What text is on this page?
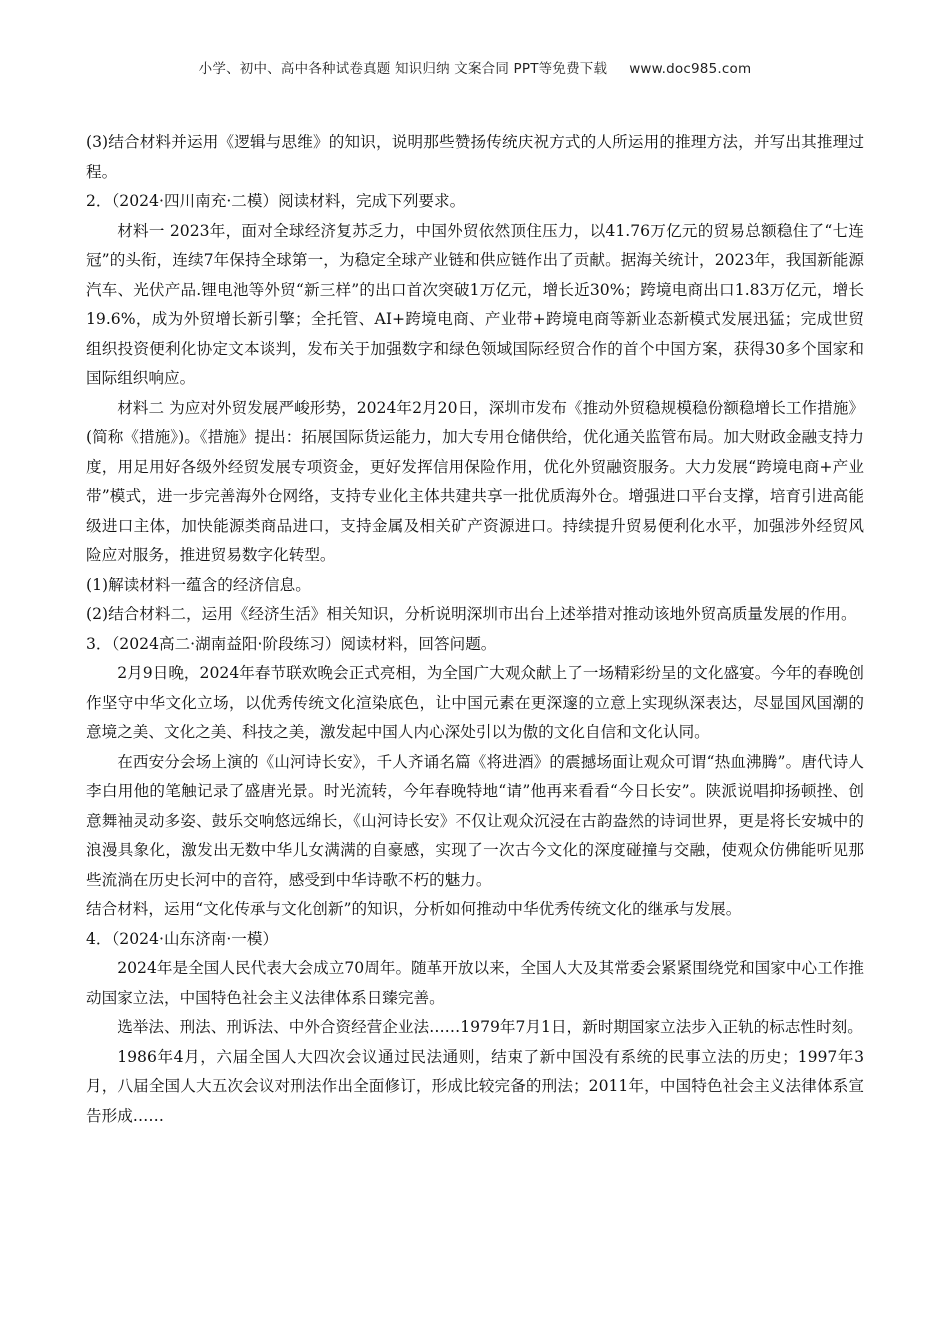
小学、初中、高中各种试卷真题 知识归纳 文案合同 PPT等免费下载 www.doc985.com

(3)结合材料并运用《逻辑与思维》的知识，说明那些赞扬传统庆祝方式的人所运用的推理方法，并写出其推理过程。

2．（2024·四川南充·二模）阅读材料，完成下列要求。

材料一 2023年，面对全球经济复苏乏力，中国外贸依然顶住压力，以41.76万亿元的贸易总额稳住了“七连冠”的头衔，连续7年保持全球第一，为稳定全球产业链和供应链作出了贡献。据海关统计，2023年，我国新能源汽车、光伏产品.锂电池等外贸“新三样”的出口首次突破1万亿元，增长近30%；跨境电商出口1.83万亿元，增长19.6%，成为外贸增长新引擎；全托管、AI+跨境电商、产业带+跨境电商等新业态新模式发展迅猛；完成世贸组织投资便利化协定文本谈判，发布关于加强数字和绿色领域国际经贸合作的首个中国方案，获得30多个国家和国际组织响应。

材料二 为应对外贸发展严峻形势，2024年2月20日，深圳市发布《推动外贸稳规模稳份额稳增长工作措施》(简称《措施》)。《措施》提出：拓展国际货运能力，加大专用仓储供给，优化通关监管布局。加大财政金融支持力度，用足用好各级外经贸发展专项资金，更好发挥信用保险作用，优化外贸融资服务。大力发展“跨境电商+产业带”模式，进一步完善海外仓网络，支持专业化主体共建共享一批优质海外仓。增强进口平台支撑，培育引进高能级进口主体，加快能源类商品进口，支持金属及相关矿产资源进口。持续提升贸易便利化水平，加强涉外经贸风险应对服务，推进贸易数字化转型。

(1)解读材料一蕴含的经济信息。

(2)结合材料二，运用《经济生活》相关知识，分析说明深圳市出台上述举措对推动该地外贸高质量发展的作用。

3．（2024高二·湖南益阳·阶段练习）阅读材料，回答问题。

2月9日晚，2024年春节联欢晚会正式亮相，为全国广大观众献上了一场精彩纷呈的文化盛宴。今年的春晚创作坚守中华文化立场，以优秀传统文化渲染底色，让中国元素在更深邃的立意上实现纵深表达，尽显国风国潮的意境之美、文化之美、科技之美，激发起中国人内心深处引以为傲的文化自信和文化认同。

在西安分会场上演的《山河诗长安》，千人齐诵名篇《将进酒》的震撼场面让观众可谓“热血沸腾”。唐代诗人李白用他的笔触记录了盛唐光景。时光流转，今年春晚特地“请”他再来看看“今日长安”。陕派说唱抑扬顿挫、创意舞袖灵动多姿、鼓乐交响悠远绵长，《山河诗长安》不仅让观众沉浸在古韵盎然的诗词世界，更是将长安城中的浪漫具象化，激发出无数中华儿女满满的自豪感，实现了一次古今文化的深度碰撞与交融，使观众仿佛能听见那些流淌在历史长河中的音符，感受到中华诗歌不朽的魅力。

结合材料，运用“文化传承与文化创新”的知识，分析如何推动中华优秀传统文化的继承与发展。

4．（2024·山东济南·一模）

2024年是全国人民代表大会成立70周年。随革开放以来，全国人大及其常委会紧紧围绕党和国家中心工作推动国家立法，中国特色社会主义法律体系日臻完善。

选举法、刑法、刑诉法、中外合资经营企业法……1979年7月1日，新时期国家立法步入正轨的标志性时刻。

1986年4月，六届全国人大四次会议通过民法通则，结束了新中国没有系统的民事立法的历史；1997年3月，八届全国人大五次会议对刑法作出全面修订，形成比较完备的刑法；2011年，中国特色社会主义法律体系宣告形成……
